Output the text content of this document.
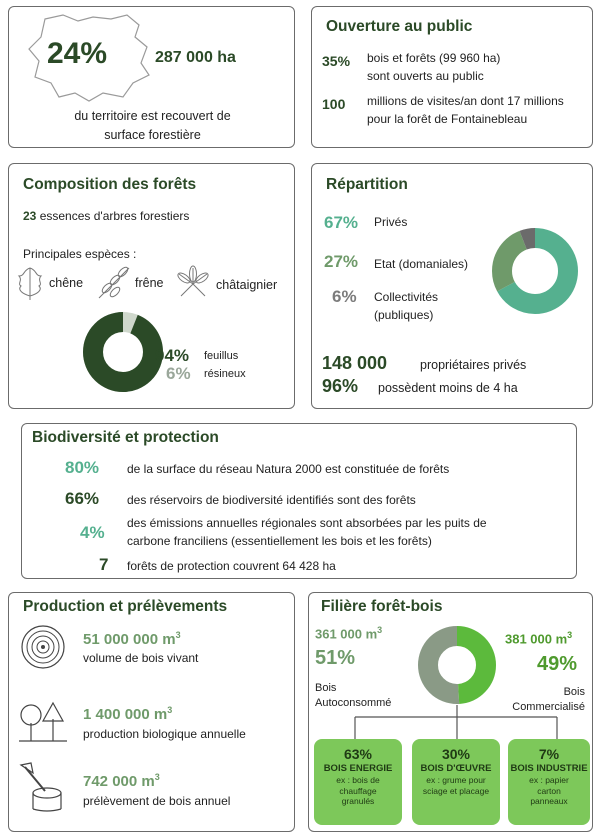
24%	287 000 ha
du territoire est recouvert de
surface forestière
Ouverture au public
35% bois et forêts (99 960 ha)
sont ouverts au public
100 millions de visites/an dont 17 millions
pour la forêt de Fontainebleau
Composition des forêts
23 essences d'arbres forestiers
Principales espèces :
chêne	frêne	châtaignier
94% feuillus
6% résineux
Répartition
67% Privés
27% Etat (domaniales)
6% Collectivités
(publiques)
148 000	propriétaires privés
96% possèdent moins de 4 ha
Biodiversité et protection
80% de la surface du réseau Natura 2000 est constituée de forêts
66% des réservoirs de biodiversité identifiés sont des forêts
4% des émissions annuelles régionales sont absorbées par les puits de
carbone franciliens (essentiellement les bois et les forêts)
7 forêts de protection couvrent 64 428 ha
Production et prélèvements
51 000 000 $m^3$
volume de bois vivant
1 400 000 $m^3$
production biologique annuelle
742 000 $m^3$
prélèvement de bois annuel
Filière forêt-bois
361 000 $m^3$
51%
Bois
Autoconsommé
381 000 $m^3$
49%
Bois
Commercialisé
63%
BOIS ENERGIE
ex : bois de
chauffage
granulés
30%
BOIS D'ŒUVRE
ex : grume pour
sciage et placage
7%
BOIS INDUSTRIE
ex : papier
carton
panneaux
